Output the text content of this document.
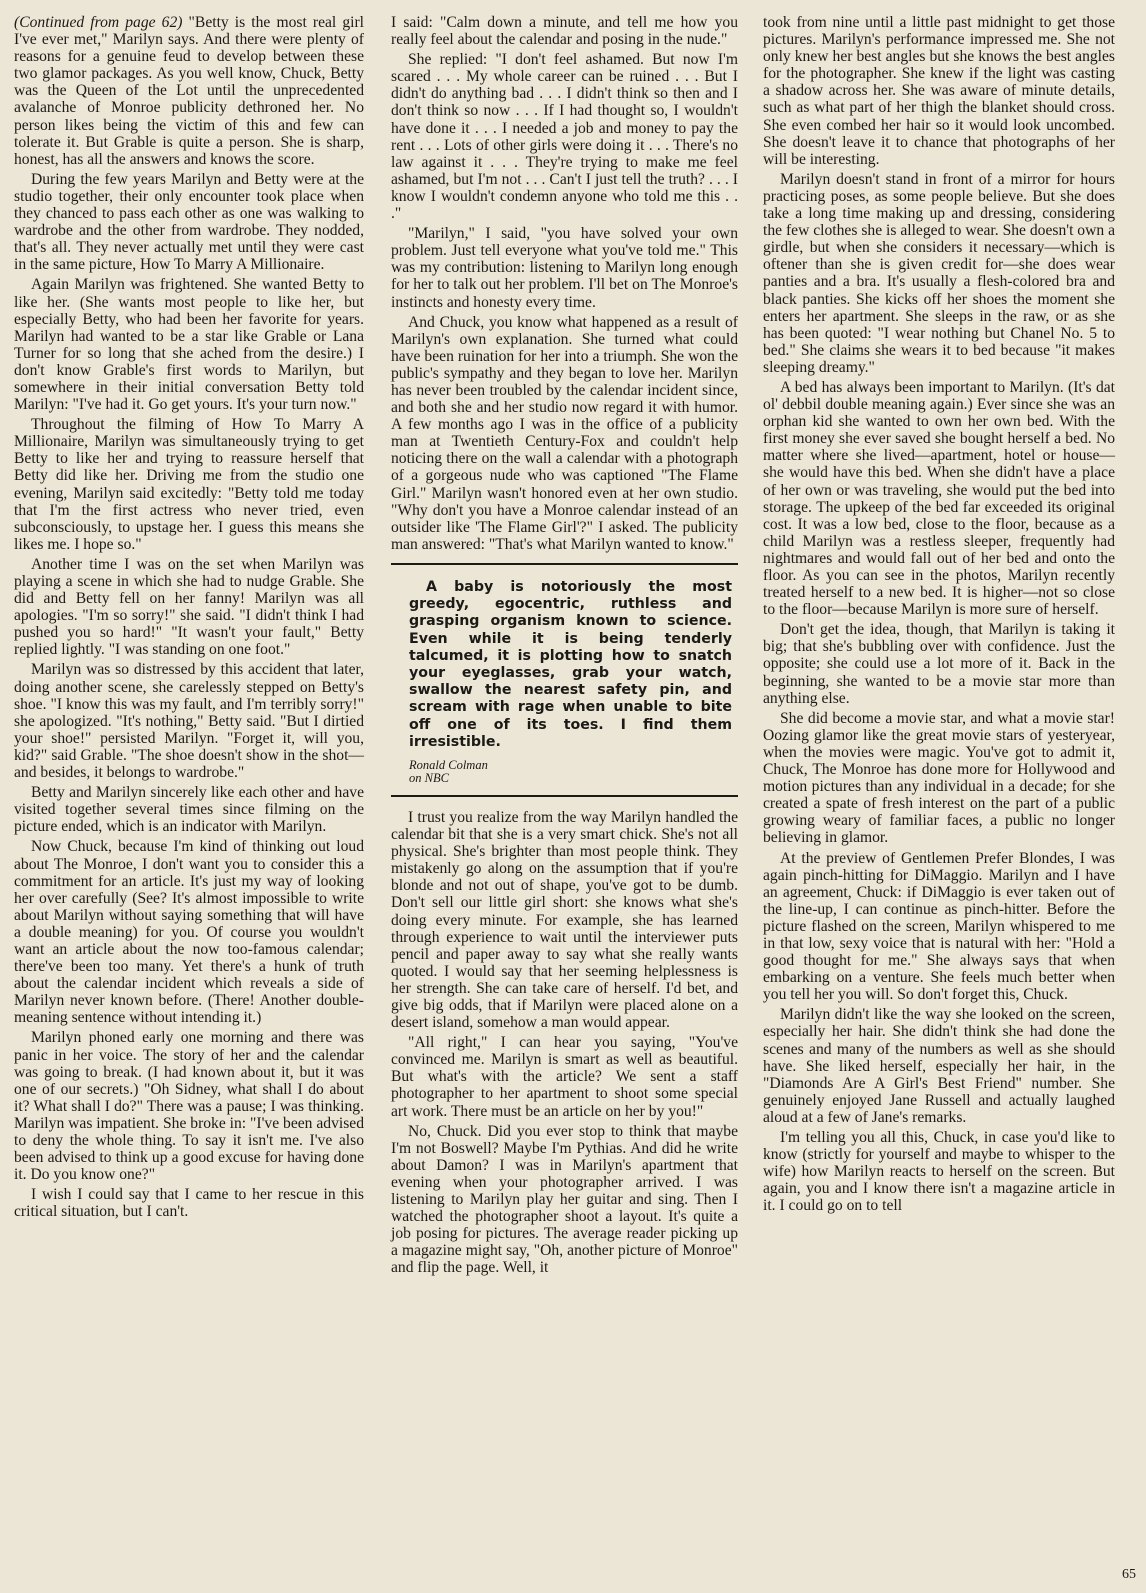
(Continued from page 62) "Betty is the most real girl I've ever met," Marilyn says. And there were plenty of reasons for a genuine feud to develop between these two glamor packages. As you well know, Chuck, Betty was the Queen of the Lot until the unprecedented avalanche of Monroe publicity dethroned her. No person likes being the victim of this and few can tolerate it. But Grable is quite a person. She is sharp, honest, has all the answers and knows the score.

During the few years Marilyn and Betty were at the studio together, their only encounter took place when they chanced to pass each other as one was walking to wardrobe and the other from wardrobe. They nodded, that's all. They never actually met until they were cast in the same picture, How To Marry A Millionaire.

Again Marilyn was frightened. She wanted Betty to like her. (She wants most people to like her, but especially Betty, who had been her favorite for years. Marilyn had wanted to be a star like Grable or Lana Turner for so long that she ached from the desire.) I don't know Grable's first words to Marilyn, but somewhere in their initial conversation Betty told Marilyn: "I've had it. Go get yours. It's your turn now."

Throughout the filming of How To Marry A Millionaire, Marilyn was simultaneously trying to get Betty to like her and trying to reassure herself that Betty did like her. Driving me from the studio one evening, Marilyn said excitedly: "Betty told me today that I'm the first actress who never tried, even subconsciously, to upstage her. I guess this means she likes me. I hope so."

Another time I was on the set when Marilyn was playing a scene in which she had to nudge Grable. She did and Betty fell on her fanny! Marilyn was all apologies. "I'm so sorry!" she said. "I didn't think I had pushed you so hard!" "It wasn't your fault," Betty replied lightly. "I was standing on one foot."

Marilyn was so distressed by this accident that later, doing another scene, she carelessly stepped on Betty's shoe. "I know this was my fault, and I'm terribly sorry!" she apologized. "It's nothing," Betty said. "But I dirtied your shoe!" persisted Marilyn. "Forget it, will you, kid?" said Grable. "The shoe doesn't show in the shot—and besides, it belongs to wardrobe."

Betty and Marilyn sincerely like each other and have visited together several times since filming on the picture ended, which is an indicator with Marilyn.

Now Chuck, because I'm kind of thinking out loud about The Monroe, I don't want you to consider this a commitment for an article. It's just my way of looking her over carefully (See? It's almost impossible to write about Marilyn without saying something that will have a double meaning) for you. Of course you wouldn't want an article about the now too-famous calendar; there've been too many. Yet there's a hunk of truth about the calendar incident which reveals a side of Marilyn never known before. (There! Another double-meaning sentence without intending it.)

Marilyn phoned early one morning and there was panic in her voice. The story of her and the calendar was going to break. (I had known about it, but it was one of our secrets.) "Oh Sidney, what shall I do about it? What shall I do?" There was a pause; I was thinking. Marilyn was impatient. She broke in: "I've been advised to deny the whole thing. To say it isn't me. I've also been advised to think up a good excuse for having done it. Do you know one?"

I wish I could say that I came to her rescue in this critical situation, but I can't.

I said: "Calm down a minute, and tell me how you really feel about the calendar and posing in the nude."

She replied: "I don't feel ashamed. But now I'm scared . . . My whole career can be ruined . . . But I didn't do anything bad . . . I didn't think so then and I don't think so now . . . If I had thought so, I wouldn't have done it . . . I needed a job and money to pay the rent . . . Lots of other girls were doing it . . . There's no law against it . . . They're trying to make me feel ashamed, but I'm not . . . Can't I just tell the truth? . . . I know I wouldn't condemn anyone who told me this . . ."

"Marilyn," I said, "you have solved your own problem. Just tell everyone what you've told me." This was my contribution: listening to Marilyn long enough for her to talk out her problem. I'll bet on The Monroe's instincts and honesty every time.

And Chuck, you know what happened as a result of Marilyn's own explanation. She turned what could have been ruination for her into a triumph. She won the public's sympathy and they began to love her. Marilyn has never been troubled by the calendar incident since, and both she and her studio now regard it with humor. A few months ago I was in the office of a publicity man at Twentieth Century-Fox and couldn't help noticing there on the wall a calendar with a photograph of a gorgeous nude who was captioned "The Flame Girl." Marilyn wasn't honored even at her own studio. "Why don't you have a Monroe calendar instead of an outsider like 'The Flame Girl'?" I asked. The publicity man answered: "That's what Marilyn wanted to know."

A baby is notoriously the most greedy, egocentric, ruthless and grasping organism known to science. Even while it is being tenderly talcumed, it is plotting how to snatch your eyeglasses, grab your watch, swallow the nearest safety pin, and scream with rage when unable to bite off one of its toes. I find them irresistible.

Ronald Colman
on NBC

I trust you realize from the way Marilyn handled the calendar bit that she is a very smart chick. She's not all physical. She's brighter than most people think. They mistakenly go along on the assumption that if you're blonde and not out of shape, you've got to be dumb. Don't sell our little girl short: she knows what she's doing every minute. For example, she has learned through experience to wait until the interviewer puts pencil and paper away to say what she really wants quoted. I would say that her seeming helplessness is her strength. She can take care of herself. I'd bet, and give big odds, that if Marilyn were placed alone on a desert island, somehow a man would appear.

"All right," I can hear you saying, "You've convinced me. Marilyn is smart as well as beautiful. But what's with the article? We sent a staff photographer to her apartment to shoot some special art work. There must be an article on her by you!"

No, Chuck. Did you ever stop to think that maybe I'm not Boswell? Maybe I'm Pythias. And did he write about Damon? I was in Marilyn's apartment that evening when your photographer arrived. I was listening to Marilyn play her guitar and sing. Then I watched the photographer shoot a layout. It's quite a job posing for pictures. The average reader picking up a magazine might say, "Oh, another picture of Monroe" and flip the page. Well, it

took from nine until a little past midnight to get those pictures. Marilyn's performance impressed me. She not only knew her best angles but she knows the best angles for the photographer. She knew if the light was casting a shadow across her. She was aware of minute details, such as what part of her thigh the blanket should cross. She even combed her hair so it would look uncombed. She doesn't leave it to chance that photographs of her will be interesting.

Marilyn doesn't stand in front of a mirror for hours practicing poses, as some people believe. But she does take a long time making up and dressing, considering the few clothes she is alleged to wear. She doesn't own a girdle, but when she considers it necessary—which is oftener than she is given credit for—she does wear panties and a bra. It's usually a flesh-colored bra and black panties. She kicks off her shoes the moment she enters her apartment. She sleeps in the raw, or as she has been quoted: "I wear nothing but Chanel No. 5 to bed." She claims she wears it to bed because "it makes sleeping dreamy."

A bed has always been important to Marilyn. (It's dat ol' debbil double meaning again.) Ever since she was an orphan kid she wanted to own her own bed. With the first money she ever saved she bought herself a bed. No matter where she lived—apartment, hotel or house—she would have this bed. When she didn't have a place of her own or was traveling, she would put the bed into storage. The upkeep of the bed far exceeded its original cost. It was a low bed, close to the floor, because as a child Marilyn was a restless sleeper, frequently had nightmares and would fall out of her bed and onto the floor. As you can see in the photos, Marilyn recently treated herself to a new bed. It is higher—not so close to the floor—because Marilyn is more sure of herself.

Don't get the idea, though, that Marilyn is taking it big; that she's bubbling over with confidence. Just the opposite; she could use a lot more of it. Back in the beginning, she wanted to be a movie star more than anything else.

She did become a movie star, and what a movie star! Oozing glamor like the great movie stars of yesteryear, when the movies were magic. You've got to admit it, Chuck, The Monroe has done more for Hollywood and motion pictures than any individual in a decade; for she created a spate of fresh interest on the part of a public growing weary of familiar faces, a public no longer believing in glamor.

At the preview of Gentlemen Prefer Blondes, I was again pinch-hitting for DiMaggio. Marilyn and I have an agreement, Chuck: if DiMaggio is ever taken out of the line-up, I can continue as pinch-hitter. Before the picture flashed on the screen, Marilyn whispered to me in that low, sexy voice that is natural with her: "Hold a good thought for me." She always says that when embarking on a venture. She feels much better when you tell her you will. So don't forget this, Chuck.

Marilyn didn't like the way she looked on the screen, especially her hair. She didn't think she had done the scenes and many of the numbers as well as she should have. She liked herself, especially her hair, in the "Diamonds Are A Girl's Best Friend" number. She genuinely enjoyed Jane Russell and actually laughed aloud at a few of Jane's remarks.

I'm telling you all this, Chuck, in case you'd like to know (strictly for yourself and maybe to whisper to the wife) how Marilyn reacts to herself on the screen. But again, you and I know there isn't a magazine article in it. I could go on to tell

65
